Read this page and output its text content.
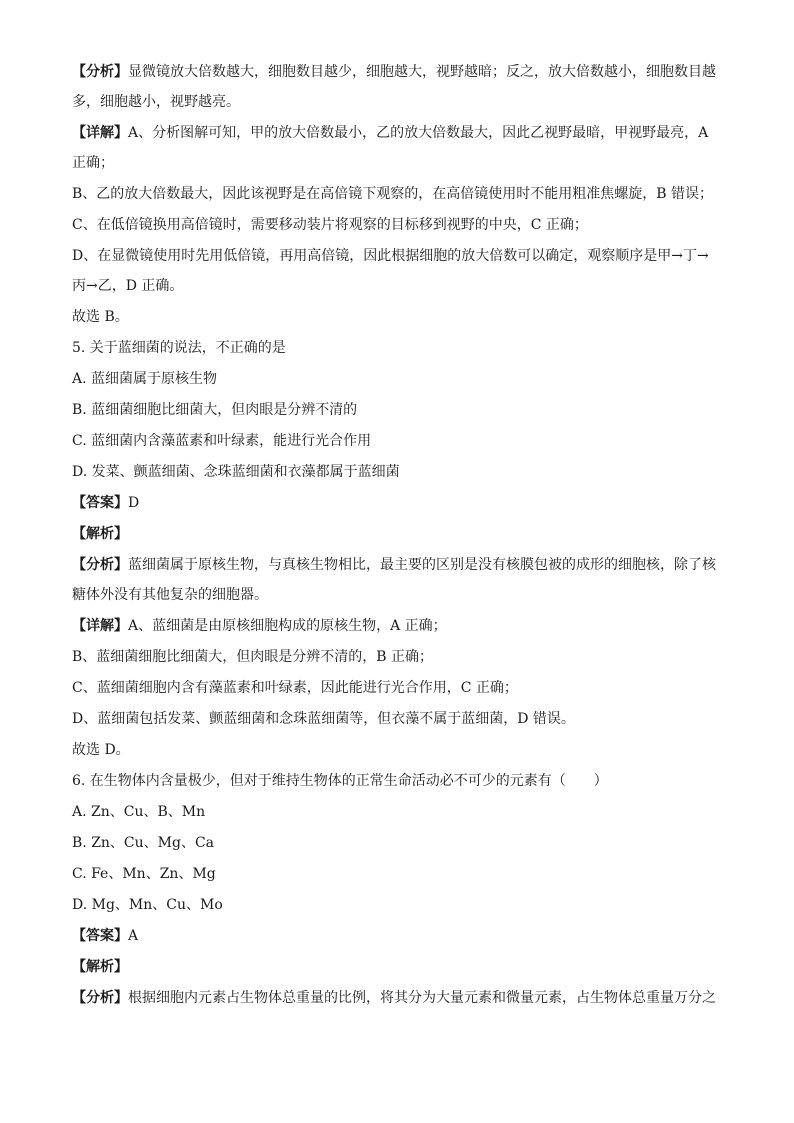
【分析】显微镜放大倍数越大，细胞数目越少，细胞越大，视野越暗；反之，放大倍数越小，细胞数目越
多，细胞越小，视野越亮。
【详解】A、分析图解可知，甲的放大倍数最小，乙的放大倍数最大，因此乙视野最暗，甲视野最亮，A
正确；
B、乙的放大倍数最大，因此该视野是在高倍镜下观察的，在高倍镜使用时不能用粗准焦螺旋，B 错误；
C、在低倍镜换用高倍镜时，需要移动装片将观察的目标移到视野的中央，C 正确；
D、在显微镜使用时先用低倍镜，再用高倍镜，因此根据细胞的放大倍数可以确定，观察顺序是甲→丁→
丙→乙，D 正确。
故选 B。
5. 关于蓝细菌的说法，不正确的是
A. 蓝细菌属于原核生物
B. 蓝细菌细胞比细菌大，但肉眼是分辨不清的
C. 蓝细菌内含藻蓝素和叶绿素，能进行光合作用
D. 发菜、颤蓝细菌、念珠蓝细菌和衣藻都属于蓝细菌
【答案】D
【解析】
【分析】蓝细菌属于原核生物，与真核生物相比，最主要的区别是没有核膜包被的成形的细胞核，除了核
糖体外没有其他复杂的细胞器。
【详解】A、蓝细菌是由原核细胞构成的原核生物，A 正确；
B、蓝细菌细胞比细菌大，但肉眼是分辨不清的，B 正确；
C、蓝细菌细胞内含有藻蓝素和叶绿素，因此能进行光合作用，C 正确；
D、蓝细菌包括发菜、颤蓝细菌和念珠蓝细菌等，但衣藻不属于蓝细菌，D 错误。
故选 D。
6. 在生物体内含量极少，但对于维持生物体的正常生命活动必不可少的元素有（　　）
A. Zn、Cu、B、Mn
B. Zn、Cu、Mg、Ca
C. Fe、Mn、Zn、Mg
D. Mg、Mn、Cu、Mo
【答案】A
【解析】
【分析】根据细胞内元素占生物体总重量的比例，将其分为大量元素和微量元素，占生物体总重量万分之
